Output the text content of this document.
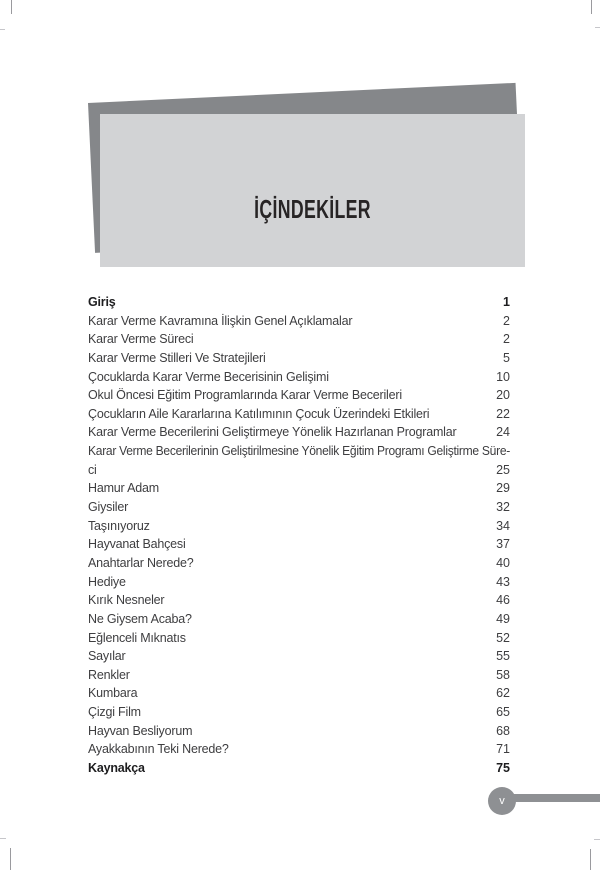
İÇİNDEKİLER
Giriş	1
Karar Verme Kavramına İlişkin Genel Açıklamalar	2
Karar Verme Süreci	2
Karar Verme Stilleri Ve Stratejileri	5
Çocuklarda Karar Verme Becerisinin Gelişimi	10
Okul Öncesi Eğitim Programlarında Karar Verme Becerileri	20
Çocukların Aile Kararlarına Katılımının Çocuk Üzerindeki Etkileri	22
Karar Verme Becerilerini Geliştirmeye Yönelik Hazırlanan Programlar	24
Karar Verme Becerilerinin Geliştirilmesine Yönelik Eğitim Programı Geliştirme Süre-
ci	25
Hamur Adam	29
Giysiler	32
Taşınıyoruz	34
Hayvanat Bahçesi	37
Anahtarlar Nerede?	40
Hediye	43
Kırık Nesneler	46
Ne Giysem Acaba?	49
Eğlenceli Mıknatıs	52
Sayılar	55
Renkler	58
Kumbara	62
Çizgi Film	65
Hayvan Besliyorum	68
Ayakkabının Teki Nerede?	71
Kaynakça	75
v
